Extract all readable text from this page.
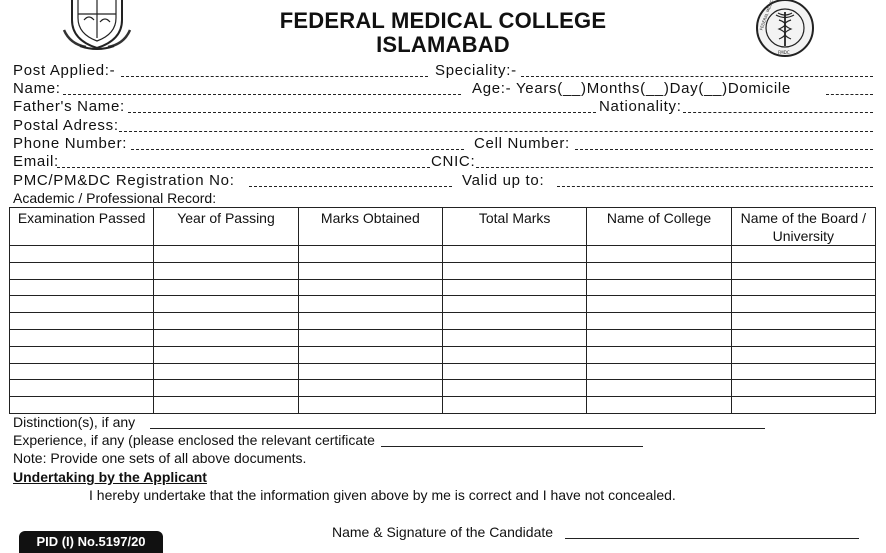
FMDC
FEDERAL MEDICAL COLLEGE
ISLAMABAD
Post Applied:-	Speciality:-
Name:	Age:- Years(__)Months(__)Day(__)Domicile
Father's Name:	Nationality:
Postal Adress:
Phone Number:	Cell Number:
Email:	CNIC:
PMC/PM&DC Registration No:	Valid up to:
Academic / Professional Record:
Examination Passed	Year of Passing	Marks Obtained	Total Marks	Name of College	Name of the Board / University

Distinction(s), if any
Experience, if any (please enclosed the relevant certificate
Note: Provide one sets of all above documents.
Undertaking by the Applicant
I hereby undertake that the information given above by me is correct and I have not concealed.
Name & Signature of the Candidate
PID (I) No.5197/20
